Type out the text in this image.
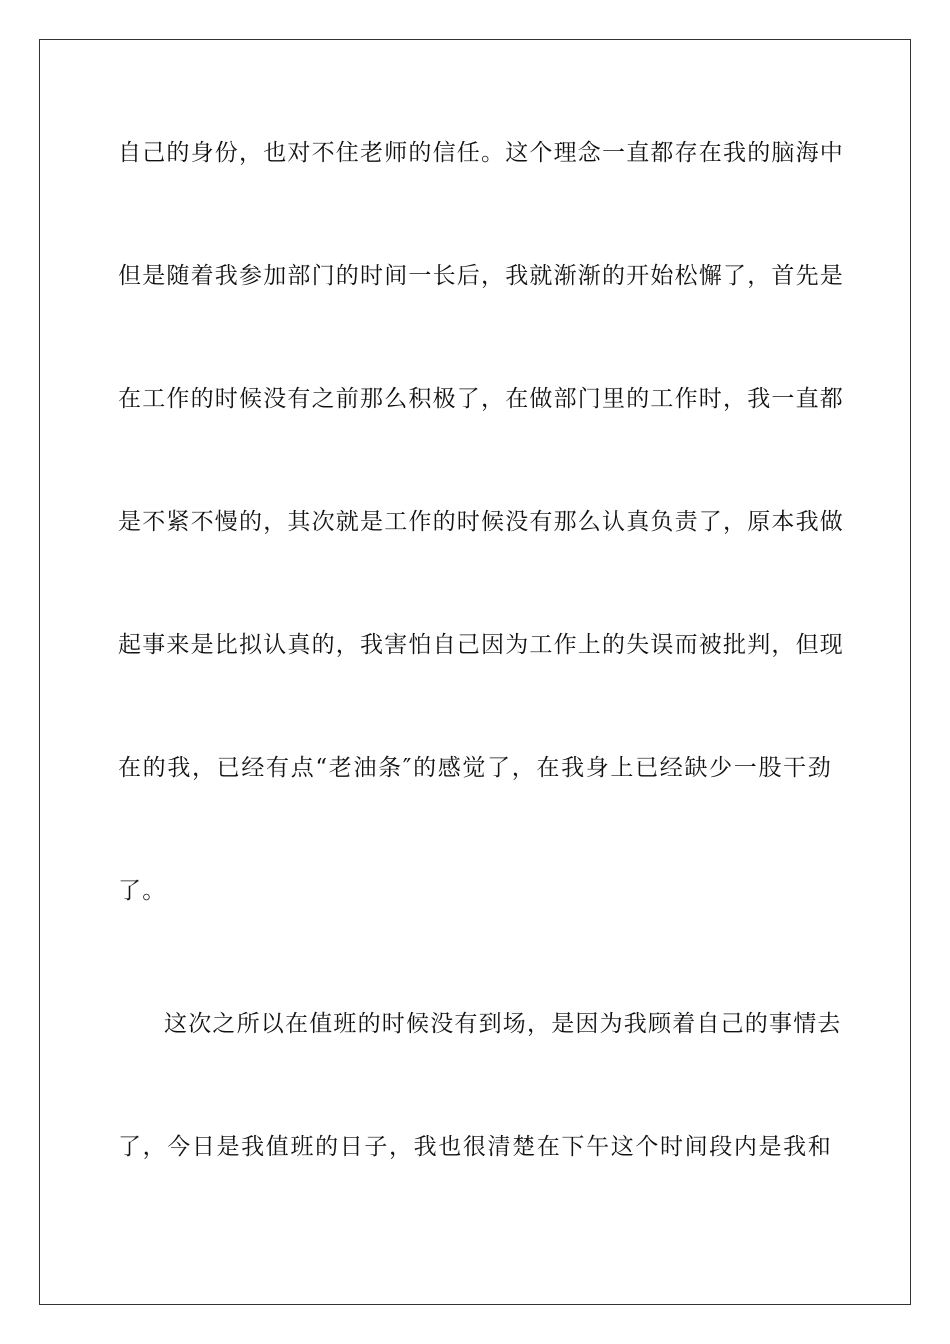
自己的身份，也对不住老师的信任。这个理念一直都存在我的脑海中
但是随着我参加部门的时间一长后，我就渐渐的开始松懈了，首先是
在工作的时候没有之前那么积极了，在做部门里的工作时，我一直都
是不紧不慢的，其次就是工作的时候没有那么认真负责了，原本我做
起事来是比拟认真的，我害怕自己因为工作上的失误而被批判，但现
在的我，已经有点“老油条″的感觉了，在我身上已经缺少一股干劲
了。
这次之所以在值班的时候没有到场，是因为我顾着自己的事情去
了，今日是我值班的日子，我也很清楚在下午这个时间段内是我和
